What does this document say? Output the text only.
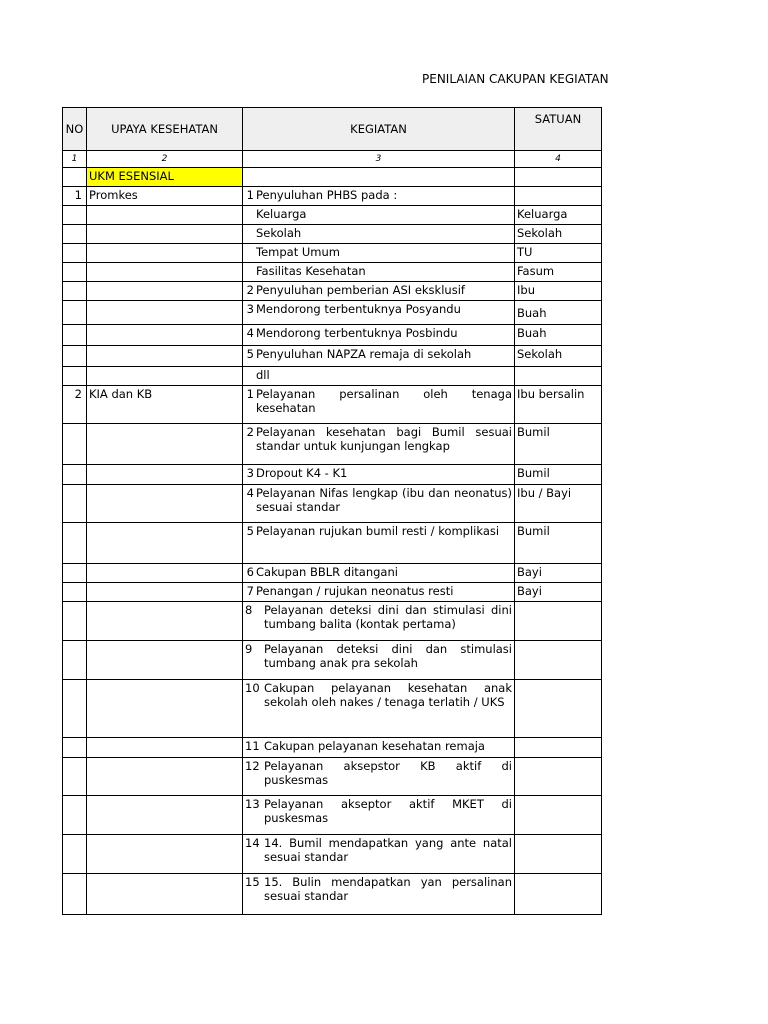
PENILAIAN CAKUPAN KEGIATAN
NO	UPAYA KESEHATAN	KEGIATAN	SATUAN
1	2	3	4
	UKM ESENSIAL		
1	Promkes	1 Penyuluhan PHBS pada :	

		Keluarga	Keluarga

		Sekolah	Sekolah

		Tempat Umum	TU

		Fasilitas Kesehatan	Fasum

		2 Penyuluhan pemberian ASI eksklusif	Ibu

		3 Mendorong terbentuknya Posyandu	Buah

		4 Mendorong terbentuknya Posbindu	Buah

		5 Penyuluhan NAPZA remaja di sekolah	Sekolah

		dll	

2	KIA dan KB	1 Pelayanan persalinan oleh tenaga kesehatan	Ibu bersalin

		2 Pelayanan kesehatan bagi Bumil sesuai standar untuk kunjungan lengkap	Bumil

		3 Dropout K4 - K1	Bumil

		4 Pelayanan Nifas lengkap (ibu dan neonatus) sesuai standar	Ibu / Bayi

		5 Pelayanan rujukan bumil resti / komplikasi	Bumil

		6 Cakupan BBLR ditangani	Bayi

		7 Penangan / rujukan neonatus resti	Bayi

		8 Pelayanan deteksi dini dan stimulasi dini tumbang balita (kontak pertama)	

		9 Pelayanan deteksi dini dan stimulasi tumbang anak pra sekolah	

		10 Cakupan pelayanan kesehatan anak sekolah oleh nakes / tenaga terlatih / UKS	

		11 Cakupan pelayanan kesehatan remaja	

		12 Pelayanan aksepstor KB aktif di puskesmas	

		13 Pelayanan akseptor aktif MKET di puskesmas	

		14 14. Bumil mendapatkan yang ante natal sesuai standar	

		15 15. Bulin mendapatkan yan persalinan sesuai standar	
